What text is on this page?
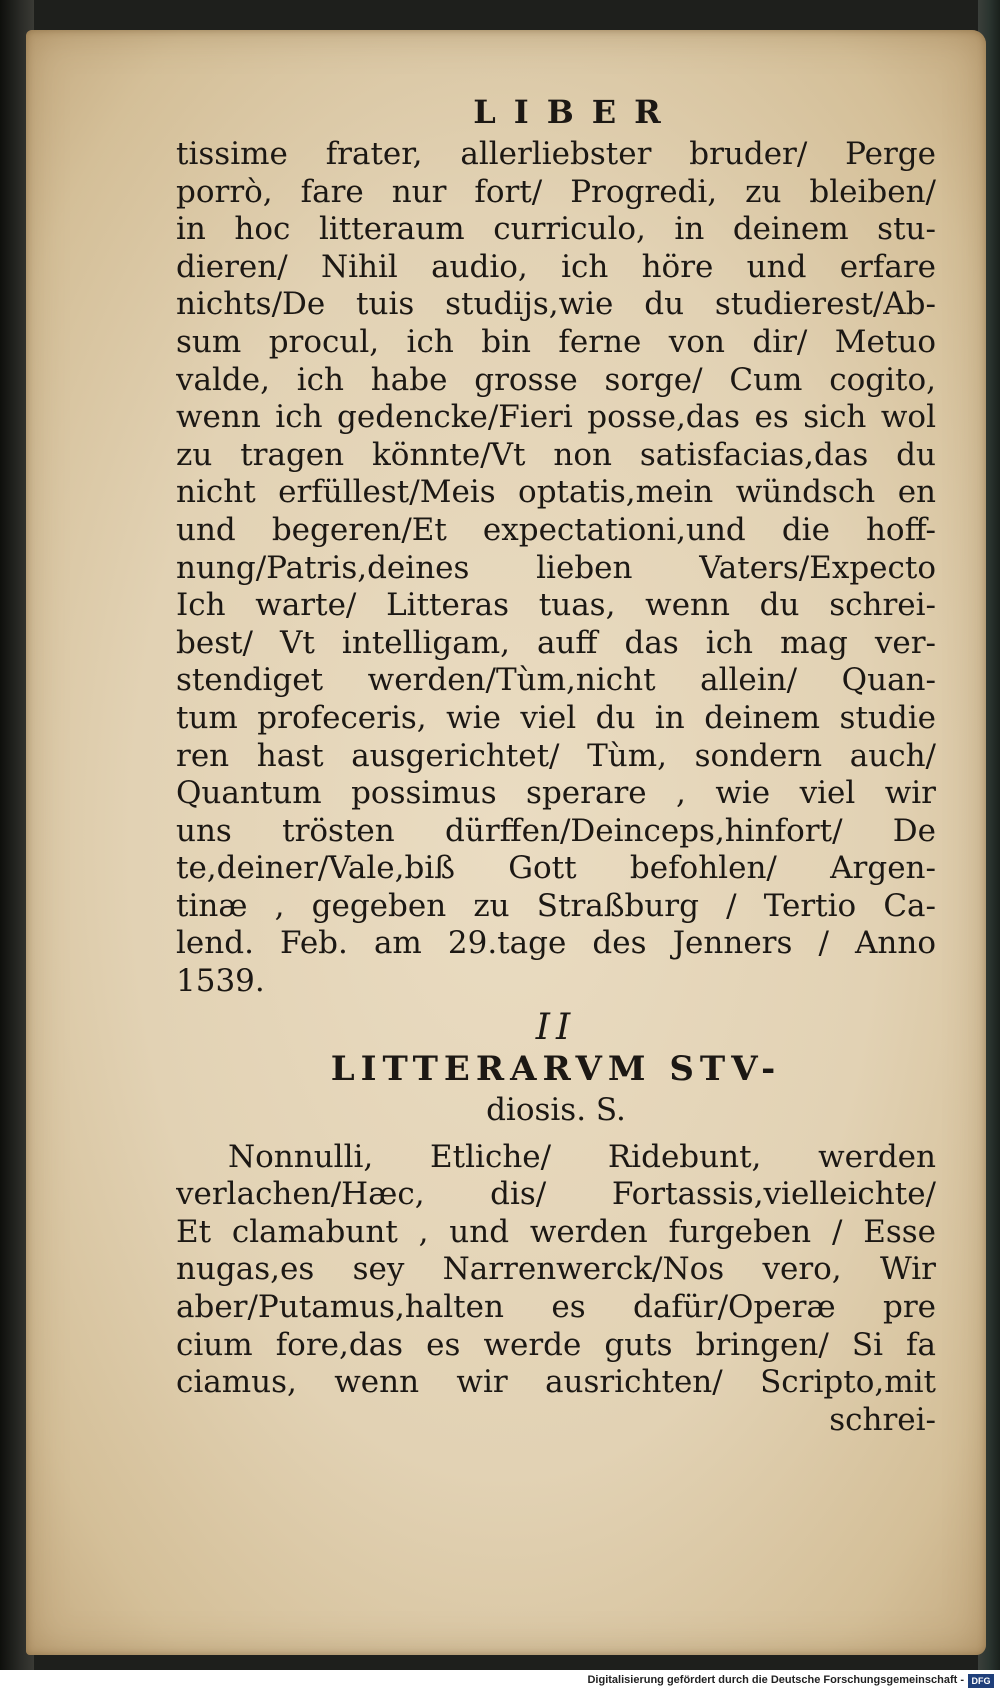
LIBER
tissime frater, allerliebster bruder/ Perge
porrò, fare nur fort/ Progredi, zu bleiben/
in hoc litteraum curriculo, in deinem stu-
dieren/ Nihil audio, ich höre und erfare
nichts/De tuis studijs,wie du studierest/Ab-
sum procul, ich bin ferne von dir/ Metuo
valde, ich habe grosse sorge/ Cum cogito,
wenn ich gedencke/Fieri posse,das es sich wol
zu tragen könnte/Vt non satisfacias,das du
nicht erfüllest/Meis optatis,mein wündsch en
und begeren/Et expectationi,und die hoff-
nung/Patris,deines lieben Vaters/Expecto
Ich warte/ Litteras tuas, wenn du schrei-
best/ Vt intelligam, auff das ich mag ver-
stendiget werden/Tùm,nicht allein/ Quan-
tum profeceris, wie viel du in deinem studie
ren hast ausgerichtet/ Tùm, sondern auch/
Quantum possimus sperare , wie viel wir
uns trösten dürffen/Deinceps,hinfort/ De
te,deiner/Vale,biß Gott befohlen/ Argen-
tinæ , gegeben zu Straßburg / Tertio Ca-
lend. Feb. am 29.tage des Jenners / Anno
1539.
II
LITTERARVM STV-
diosis. S.
Nonnulli, Etliche/ Ridebunt, werden
verlachen/Hæc, dis/ Fortassis,vielleichte/
Et clamabunt , und werden furgeben / Esse
nugas,es sey Narrenwerck/Nos vero, Wir
aber/Putamus,halten es dafür/Operæ pre
cium fore,das es werde guts bringen/ Si fa
ciamus, wenn wir ausrichten/ Scripto,mit
schrei-
Digitalisierung gefördert durch die Deutsche Forschungsgemeinschaft - DFG
